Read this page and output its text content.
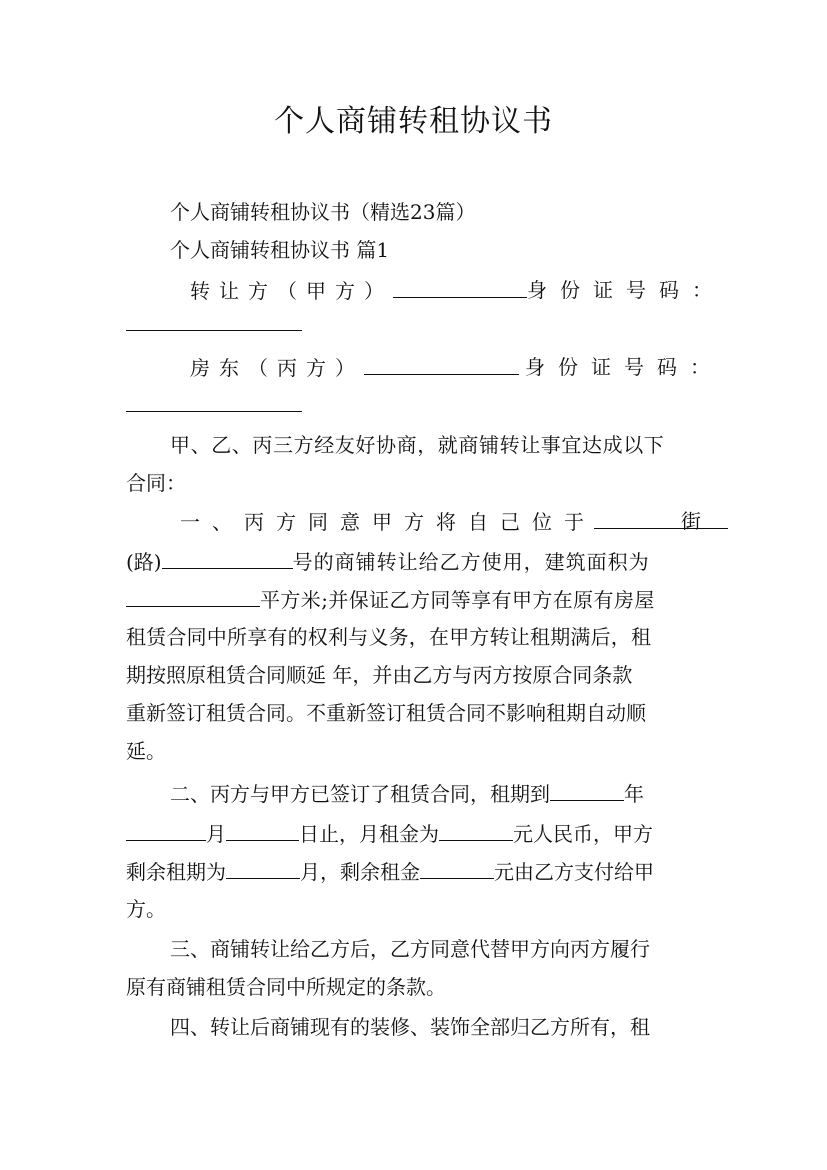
个人商铺转租协议书
个人商铺转租协议书（精选23篇）
个人商铺转租协议书 篇1
转让方（甲方）	身份证号码：
房东（丙方）	身份证号码：
甲、乙、丙三方经友好协商，就商铺转让事宜达成以下
合同：
一、丙方同意甲方将自己位于	街
(路)	号的商铺转让给乙方使用，建筑面积为
平方米;并保证乙方同等享有甲方在原有房屋
租赁合同中所享有的权利与义务，在甲方转让租期满后，租
期按照原租赁合同顺延 年，并由乙方与丙方按原合同条款
重新签订租赁合同。不重新签订租赁合同不影响租期自动顺
延。
二、丙方与甲方已签订了租赁合同，租期到	年
月	日止，月租金为	元人民币，甲方
剩余租期为	月，剩余租金	元由乙方支付给甲
方。
三、商铺转让给乙方后，乙方同意代替甲方向丙方履行
原有商铺租赁合同中所规定的条款。
四、转让后商铺现有的装修、装饰全部归乙方所有，租
